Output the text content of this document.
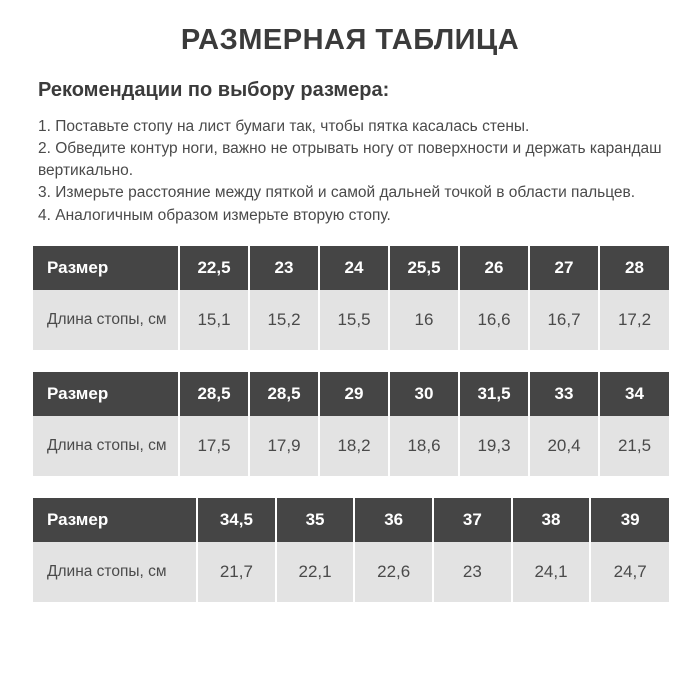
РАЗМЕРНАЯ ТАБЛИЦА
Рекомендации по выбору размера:
1. Поставьте стопу на лист бумаги так, чтобы пятка касалась стены.
2. Обведите контур ноги, важно не отрывать ногу от поверхности и держать карандаш вертикально.
3. Измерьте расстояние между пяткой и самой дальней точкой в области пальцев.
4. Аналогичным образом измерьте вторую стопу.
Размер	22,5	23	24	25,5	26	27	28
Длина стопы, см	15,1	15,2	15,5	16	16,6	16,7	17,2
Размер	28,5	28,5	29	30	31,5	33	34
Длина стопы, см	17,5	17,9	18,2	18,6	19,3	20,4	21,5
Размер	34,5	35	36	37	38	39
Длина стопы, см	21,7	22,1	22,6	23	24,1	24,7
